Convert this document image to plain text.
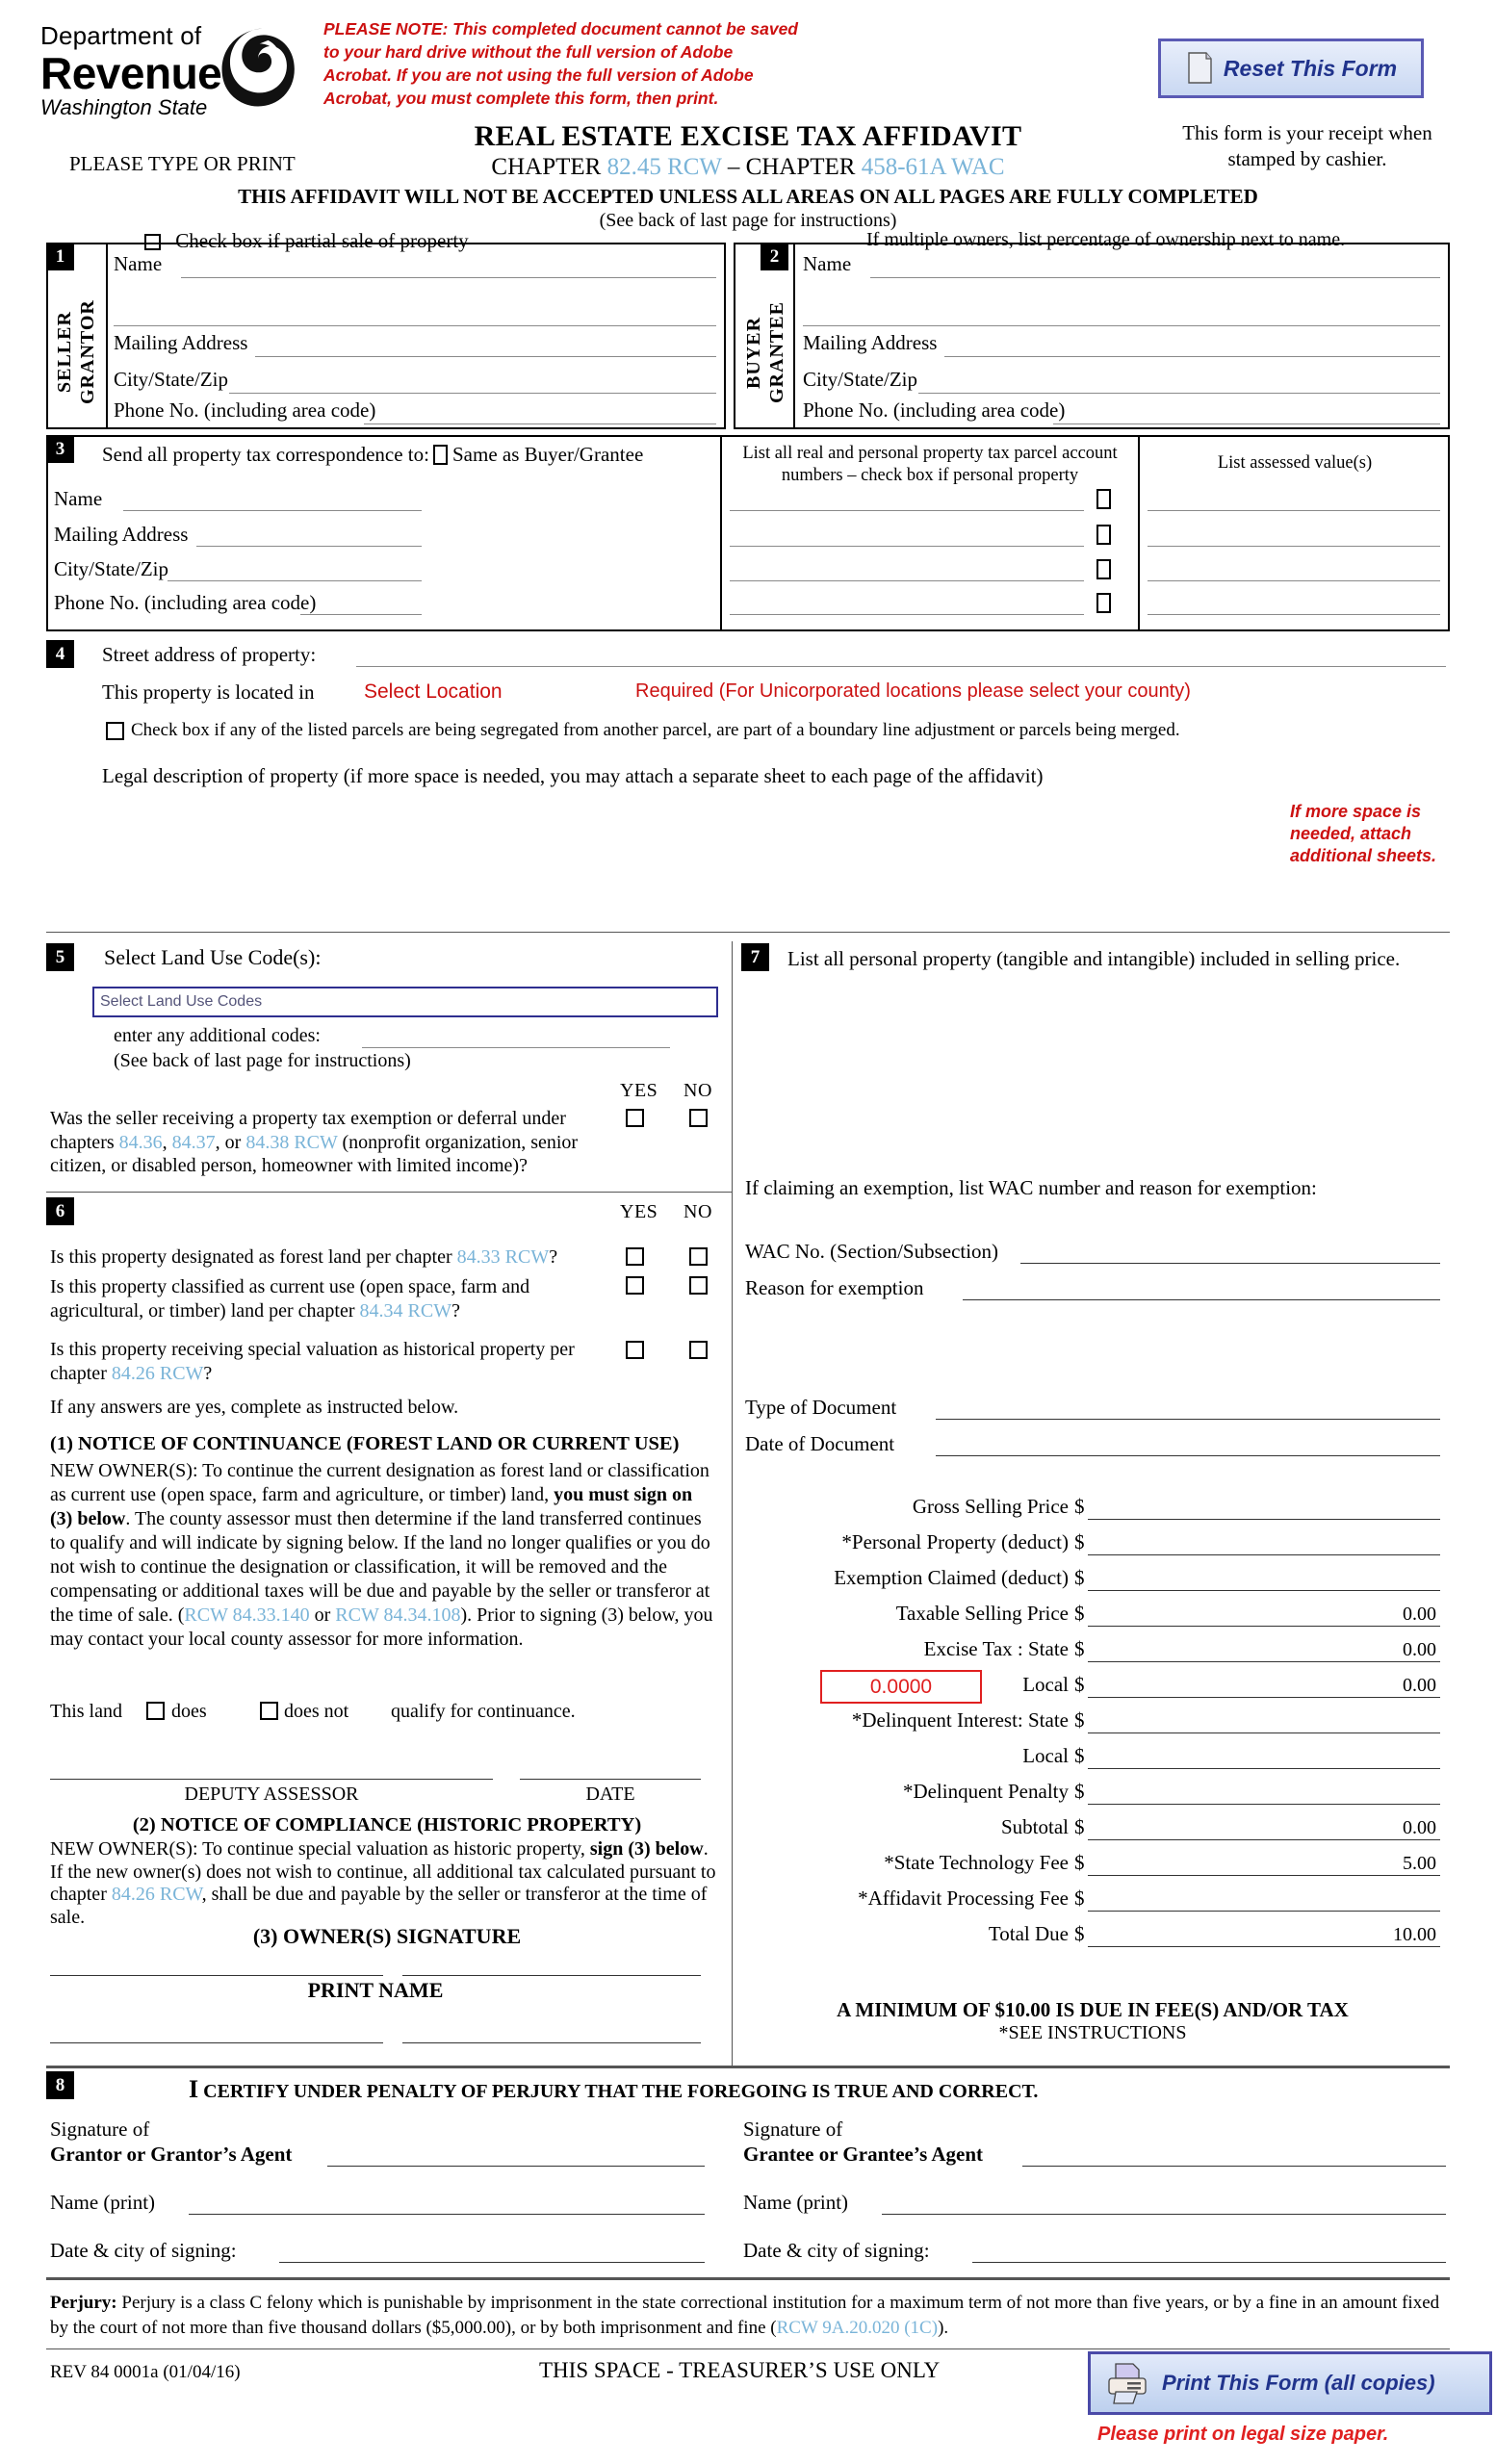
Department of
Revenue
Washington State
PLEASE NOTE: This completed document cannot be saved to your hard drive without the full version of Adobe Acrobat. If you are not using the full version of Adobe Acrobat, you must complete this form, then print.
Reset This Form
This form is your receipt when stamped by cashier.
REAL ESTATE EXCISE TAX AFFIDAVIT
CHAPTER 82.45 RCW – CHAPTER 458-61A WAC
PLEASE TYPE OR PRINT
THIS AFFIDAVIT WILL NOT BE ACCEPTED UNLESS ALL AREAS ON ALL PAGES ARE FULLY COMPLETED
(See back of last page for instructions)
Check box if partial sale of property	If multiple owners, list percentage of ownership next to name.
1
SELLER GRANTOR
Name
Mailing Address
City/State/Zip
Phone No. (including area code)
2
BUYER GRANTEE
Name
Mailing Address
City/State/Zip
Phone No. (including area code)
3	Send all property tax correspondence to: Same as Buyer/Grantee
Name
Mailing Address
City/State/Zip
Phone No. (including area code)
List all real and personal property tax parcel account numbers – check box if personal property
List assessed value(s)
4	Street address of property:
This property is located in Select Location	Required (For Unicorporated locations please select your county)
Check box if any of the listed parcels are being segregated from another parcel, are part of a boundary line adjustment or parcels being merged.
Legal description of property (if more space is needed, you may attach a separate sheet to each page of the affidavit)
If more space is needed, attach additional sheets.
5	Select Land Use Code(s):
Select Land Use Codes
enter any additional codes:
(See back of last page for instructions)
YES NO
Was the seller receiving a property tax exemption or deferral under chapters 84.36, 84.37, or 84.38 RCW (nonprofit organization, senior citizen, or disabled person, homeowner with limited income)?
6	YES NO
Is this property designated as forest land per chapter 84.33 RCW?
Is this property classified as current use (open space, farm and agricultural, or timber) land per chapter 84.34 RCW?
Is this property receiving special valuation as historical property per chapter 84.26 RCW?
If any answers are yes, complete as instructed below.
(1) NOTICE OF CONTINUANCE (FOREST LAND OR CURRENT USE)
NEW OWNER(S): To continue the current designation as forest land or classification as current use (open space, farm and agriculture, or timber) land, you must sign on (3) below. The county assessor must then determine if the land transferred continues to qualify and will indicate by signing below. If the land no longer qualifies or you do not wish to continue the designation or classification, it will be removed and the compensating or additional taxes will be due and payable by the seller or transferor at the time of sale. (RCW 84.33.140 or RCW 84.34.108). Prior to signing (3) below, you may contact your local county assessor for more information.
This land	does	does not qualify for continuance.
DEPUTY ASSESSOR	DATE
(2) NOTICE OF COMPLIANCE (HISTORIC PROPERTY)
NEW OWNER(S): To continue special valuation as historic property, sign (3) below. If the new owner(s) does not wish to continue, all additional tax calculated pursuant to chapter 84.26 RCW, shall be due and payable by the seller or transferor at the time of sale.
(3) OWNER(S) SIGNATURE
PRINT NAME
7	List all personal property (tangible and intangible) included in selling price.
If claiming an exemption, list WAC number and reason for exemption:
WAC No. (Section/Subsection)
Reason for exemption
Type of Document
Date of Document
Gross Selling Price $
*Personal Property (deduct) $
Exemption Claimed (deduct) $
Taxable Selling Price $	0.00
Excise Tax : State $	0.00
0.0000	Local $	0.00
*Delinquent Interest: State $
Local $
*Delinquent Penalty $
Subtotal $	0.00
*State Technology Fee $	5.00
*Affidavit Processing Fee $
Total Due $	10.00
A MINIMUM OF $10.00 IS DUE IN FEE(S) AND/OR TAX
*SEE INSTRUCTIONS
8	I CERTIFY UNDER PENALTY OF PERJURY THAT THE FOREGOING IS TRUE AND CORRECT.
Signature of
Grantor or Grantor’s Agent
Name (print)
Date & city of signing:
Signature of
Grantee or Grantee’s Agent
Name (print)
Date & city of signing:
Perjury: Perjury is a class C felony which is punishable by imprisonment in the state correctional institution for a maximum term of not more than five years, or by a fine in an amount fixed by the court of not more than five thousand dollars ($5,000.00), or by both imprisonment and fine (RCW 9A.20.020 (1C)).
REV 84 0001a (01/04/16)	THIS SPACE - TREASURER’S USE ONLY
Print This Form (all copies)
Please print on legal size paper.
